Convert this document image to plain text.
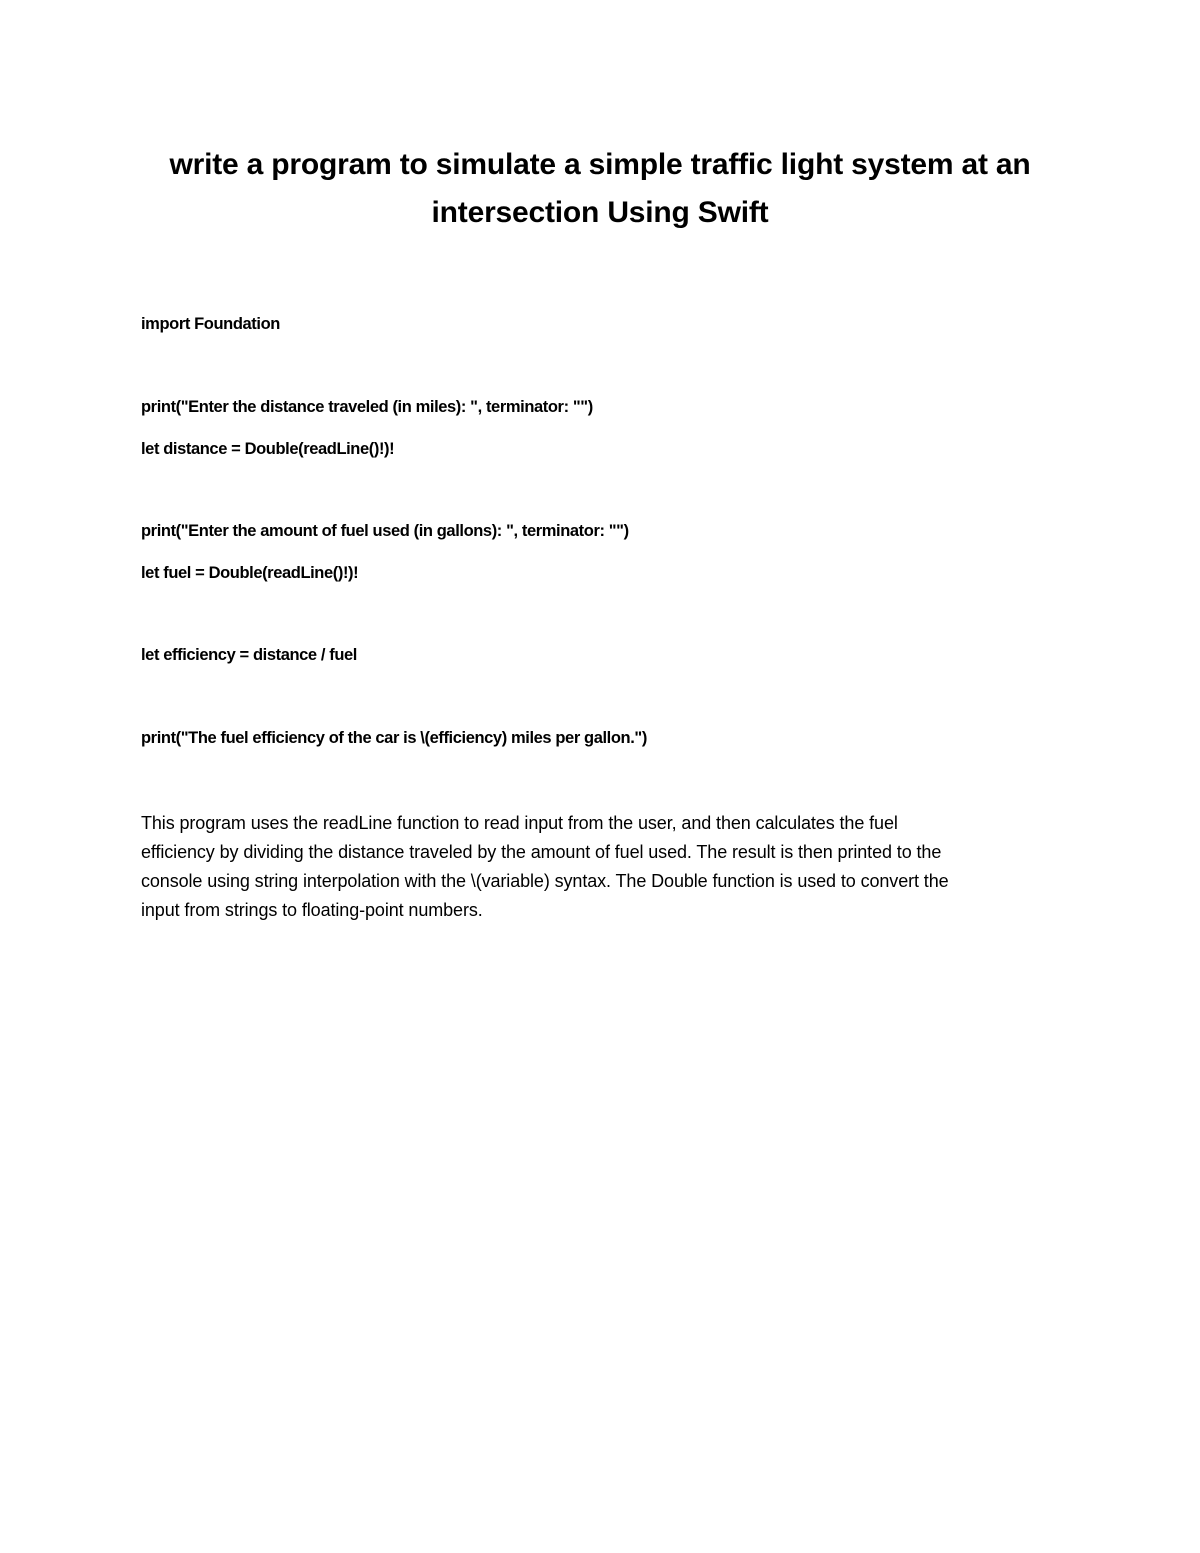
write a program to simulate a simple traffic light system at an
intersection Using Swift
import Foundation
print("Enter the distance traveled (in miles): ", terminator: "")
let distance = Double(readLine()!)!
print("Enter the amount of fuel used (in gallons): ", terminator: "")
let fuel = Double(readLine()!)!
let efficiency = distance / fuel
print("The fuel efficiency of the car is \(efficiency) miles per gallon.")
This program uses the readLine function to read input from the user, and then calculates the fuel
efficiency by dividing the distance traveled by the amount of fuel used. The result is then printed to the
console using string interpolation with the \(variable) syntax. The Double function is used to convert the
input from strings to floating-point numbers.
